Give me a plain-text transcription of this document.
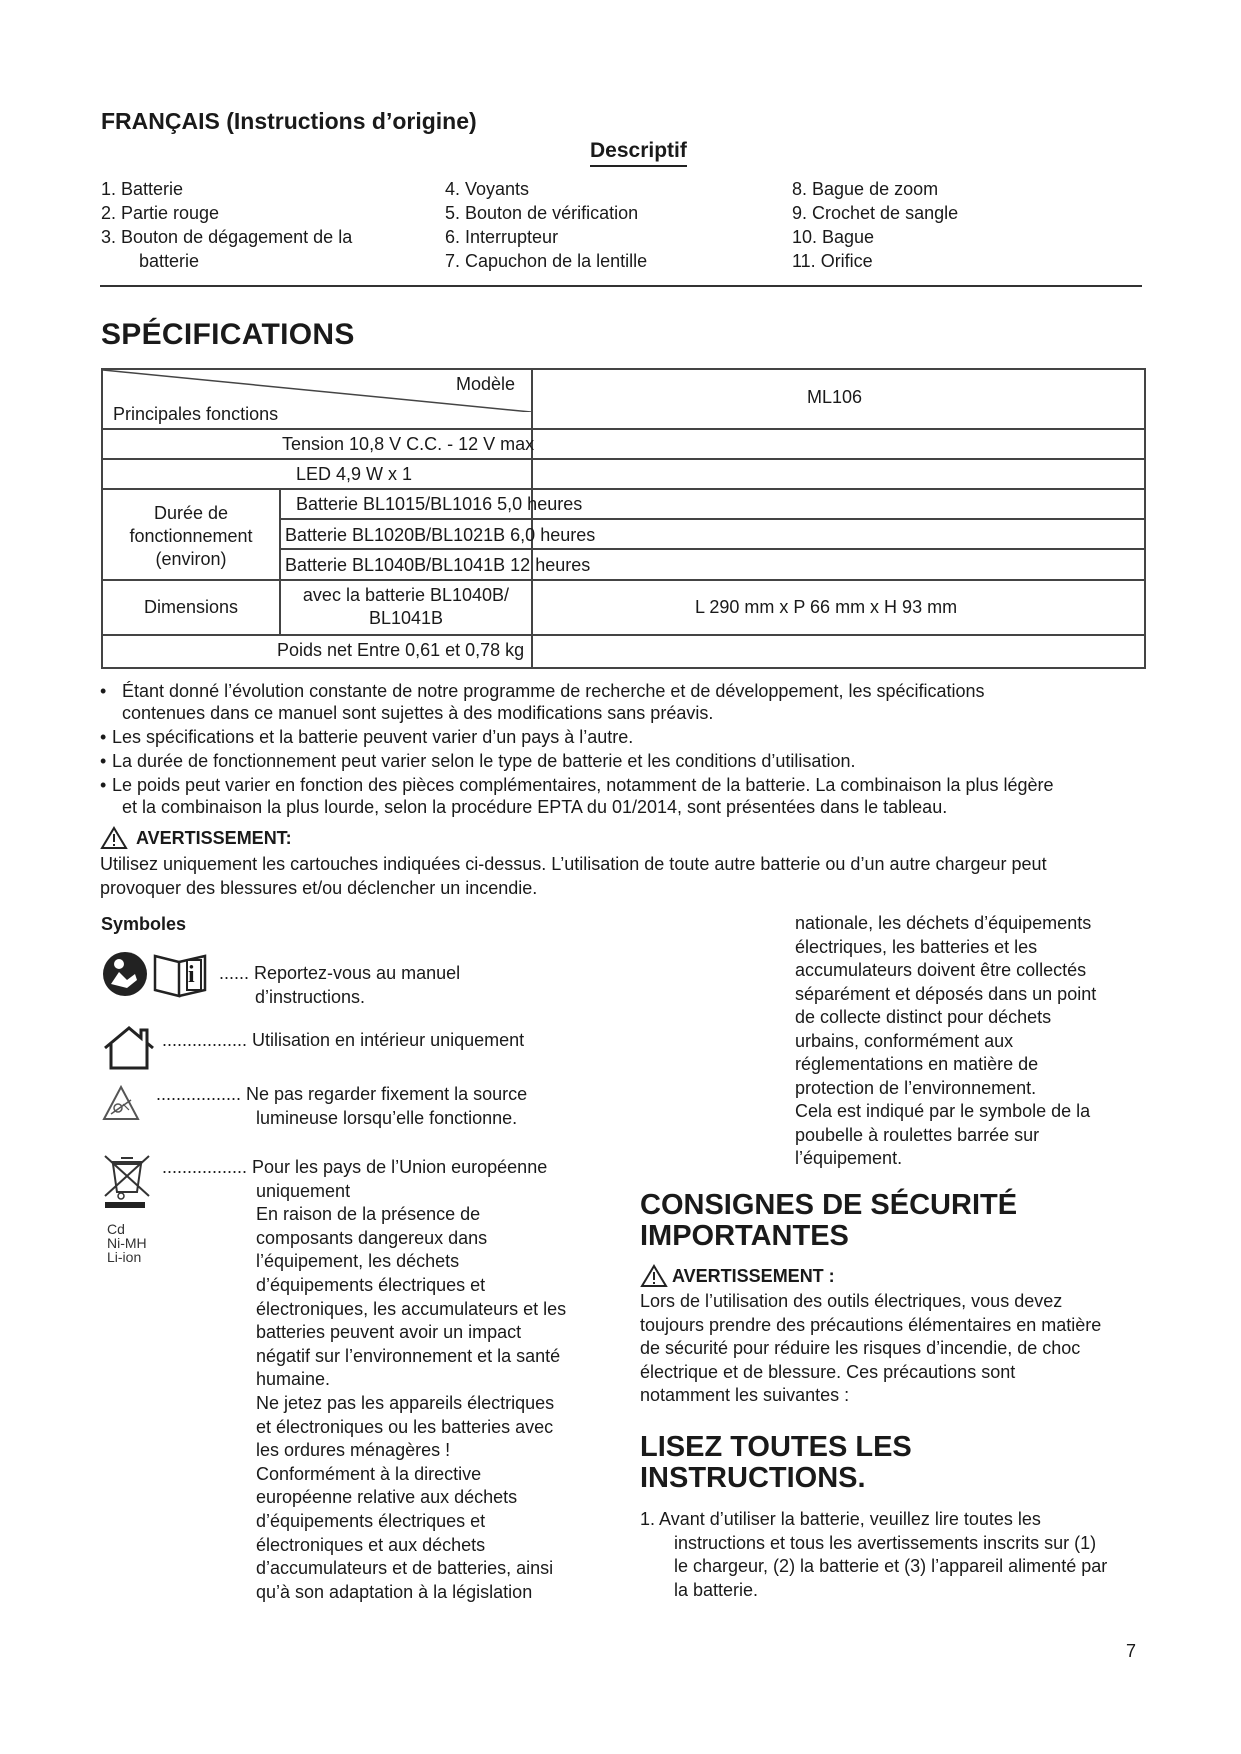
FRANÇAIS (Instructions d’origine)
Descriptif
1. Batterie
2. Partie rouge
3. Bouton de dégagement de la
batterie
4. Voyants
5. Bouton de vérification
6. Interrupteur
7. Capuchon de la lentille
8. Bague de zoom
9. Crochet de sangle
10. Bague
11. Orifice
SPÉCIFICATIONS
Modèle
Principales fonctions
ML106
Tension 10,8 V C.C. - 12 V max
LED 4,9 W x 1
Durée de
fonctionnement
(environ)
Batterie BL1015/BL1016 5,0 heures
Batterie BL1020B/BL1021B 6,0 heures
Batterie BL1040B/BL1041B 12 heures
Dimensions
avec la batterie BL1040B/
BL1041B
L 290 mm x P 66 mm x H 93 mm
Poids net Entre 0,61 et 0,78 kg
• Étant donné l’évolution constante de notre programme de recherche et de développement, les spécifications
contenues dans ce manuel sont sujettes à des modifications sans préavis.
• Les spécifications et la batterie peuvent varier d’un pays à l’autre.
• La durée de fonctionnement peut varier selon le type de batterie et les conditions d’utilisation.
• Le poids peut varier en fonction des pièces complémentaires, notamment de la batterie. La combinaison la plus légère
et la combinaison la plus lourde, selon la procédure EPTA du 01/2014, sont présentées dans le tableau.
AVERTISSEMENT:
Utilisez uniquement les cartouches indiquées ci-dessus. L’utilisation de toute autre batterie ou d’un autre chargeur peut
provoquer des blessures et/ou déclencher un incendie.
Symboles
i ...... Reportez-vous au manuel
d’instructions.
................. Utilisation en intérieur uniquement
................. Ne pas regarder fixement la source
lumineuse lorsqu’elle fonctionne.
Cd
Ni-MH
Li-ion
................. Pour les pays de l’Union européenne
uniquement
En raison de la présence de
composants dangereux dans
l’équipement, les déchets
d’équipements électriques et
électroniques, les accumulateurs et les
batteries peuvent avoir un impact
négatif sur l’environnement et la santé
humaine.
Ne jetez pas les appareils électriques
et électroniques ou les batteries avec
les ordures ménagères !
Conformément à la directive
européenne relative aux déchets
d’équipements électriques et
électroniques et aux déchets
d’accumulateurs et de batteries, ainsi
qu’à son adaptation à la législation
nationale, les déchets d’équipements
électriques, les batteries et les
accumulateurs doivent être collectés
séparément et déposés dans un point
de collecte distinct pour déchets
urbains, conformément aux
réglementations en matière de
protection de l’environnement.
Cela est indiqué par le symbole de la
poubelle à roulettes barrée sur
l’équipement.
CONSIGNES DE SÉCURITÉ
IMPORTANTES
AVERTISSEMENT :
Lors de l’utilisation des outils électriques, vous devez
toujours prendre des précautions élémentaires en matière
de sécurité pour réduire les risques d’incendie, de choc
électrique et de blessure. Ces précautions sont
notamment les suivantes :
LISEZ TOUTES LES
INSTRUCTIONS.
1. Avant d’utiliser la batterie, veuillez lire toutes les
instructions et tous les avertissements inscrits sur (1)
le chargeur, (2) la batterie et (3) l’appareil alimenté par
la batterie.
7
